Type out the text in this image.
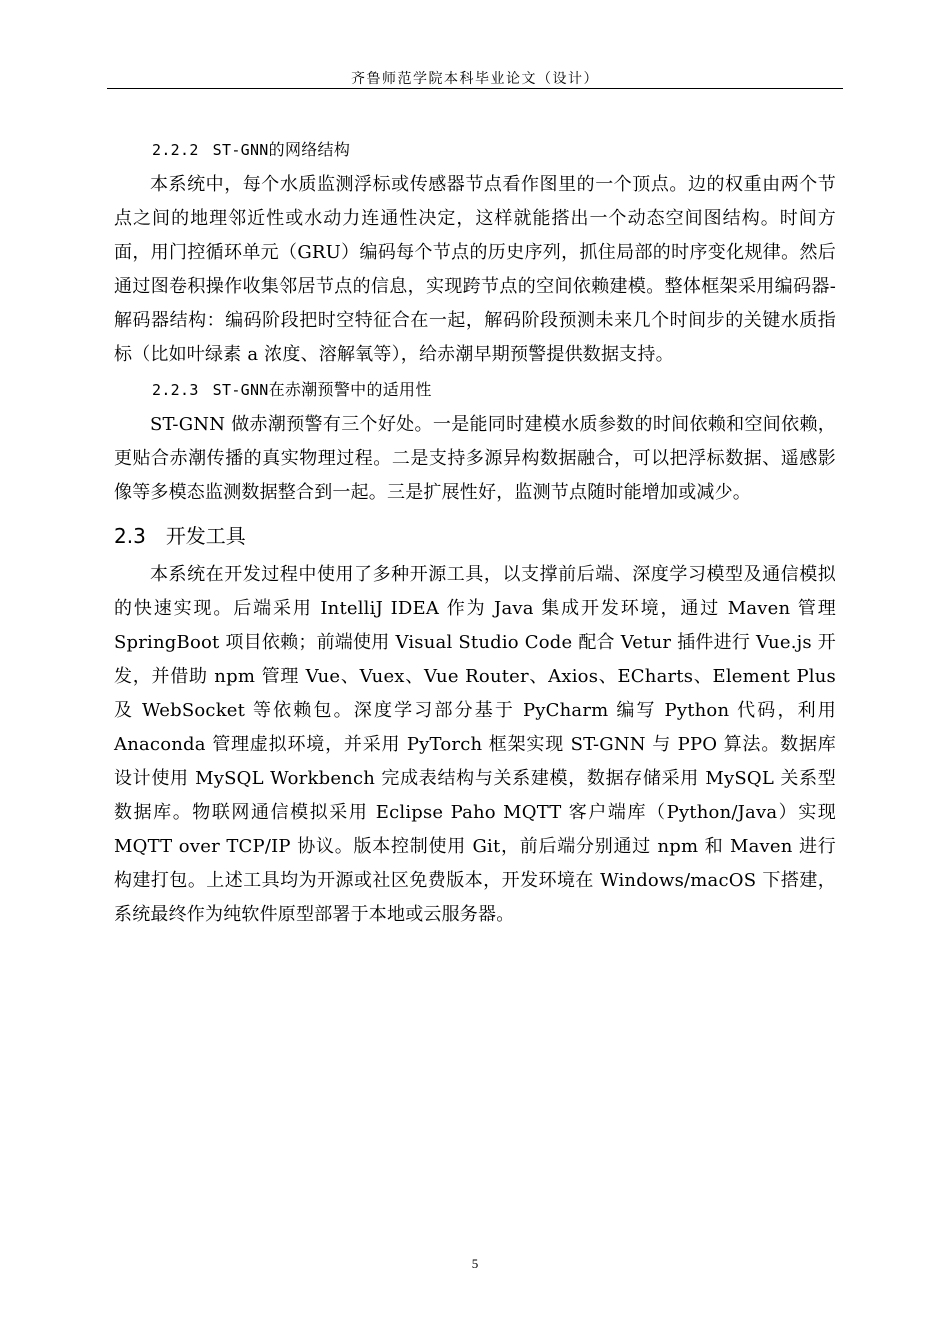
齐鲁师范学院本科毕业论文（设计）
2.2.2 ST-GNN的网络结构

本系统中，每个水质监测浮标或传感器节点看作图里的一个顶点。边的权重由两个节点之间的地理邻近性或水动力连通性决定，这样就能搭出一个动态空间图结构。时间方面，用门控循环单元（GRU）编码每个节点的历史序列，抓住局部的时序变化规律。然后通过图卷积操作收集邻居节点的信息，实现跨节点的空间依赖建模。整体框架采用编码器-解码器结构：编码阶段把时空特征合在一起，解码阶段预测未来几个时间步的关键水质指标（比如叶绿素 a 浓度、溶解氧等），给赤潮早期预警提供数据支持。

2.2.3 ST-GNN在赤潮预警中的适用性

ST-GNN 做赤潮预警有三个好处。一是能同时建模水质参数的时间依赖和空间依赖，更贴合赤潮传播的真实物理过程。二是支持多源异构数据融合，可以把浮标数据、遥感影像等多模态监测数据整合到一起。三是扩展性好，监测节点随时能增加或减少。

2.3 开发工具

本系统在开发过程中使用了多种开源工具，以支撑前后端、深度学习模型及通信模拟的快速实现。后端采用 IntelliJ IDEA 作为 Java 集成开发环境，通过 Maven 管理 SpringBoot 项目依赖；前端使用 Visual Studio Code 配合 Vetur 插件进行 Vue.js 开发，并借助 npm 管理 Vue、Vuex、Vue Router、Axios、ECharts、Element Plus 及 WebSocket 等依赖包。深度学习部分基于 PyCharm 编写 Python 代码，利用 Anaconda 管理虚拟环境，并采用 PyTorch 框架实现 ST-GNN 与 PPO 算法。数据库设计使用 MySQL Workbench 完成表结构与关系建模，数据存储采用 MySQL 关系型数据库。物联网通信模拟采用 Eclipse Paho MQTT 客户端库（Python/Java）实现 MQTT over TCP/IP 协议。版本控制使用 Git，前后端分别通过 npm 和 Maven 进行构建打包。上述工具均为开源或社区免费版本，开发环境在 Windows/macOS 下搭建，系统最终作为纯软件原型部署于本地或云服务器。

5
